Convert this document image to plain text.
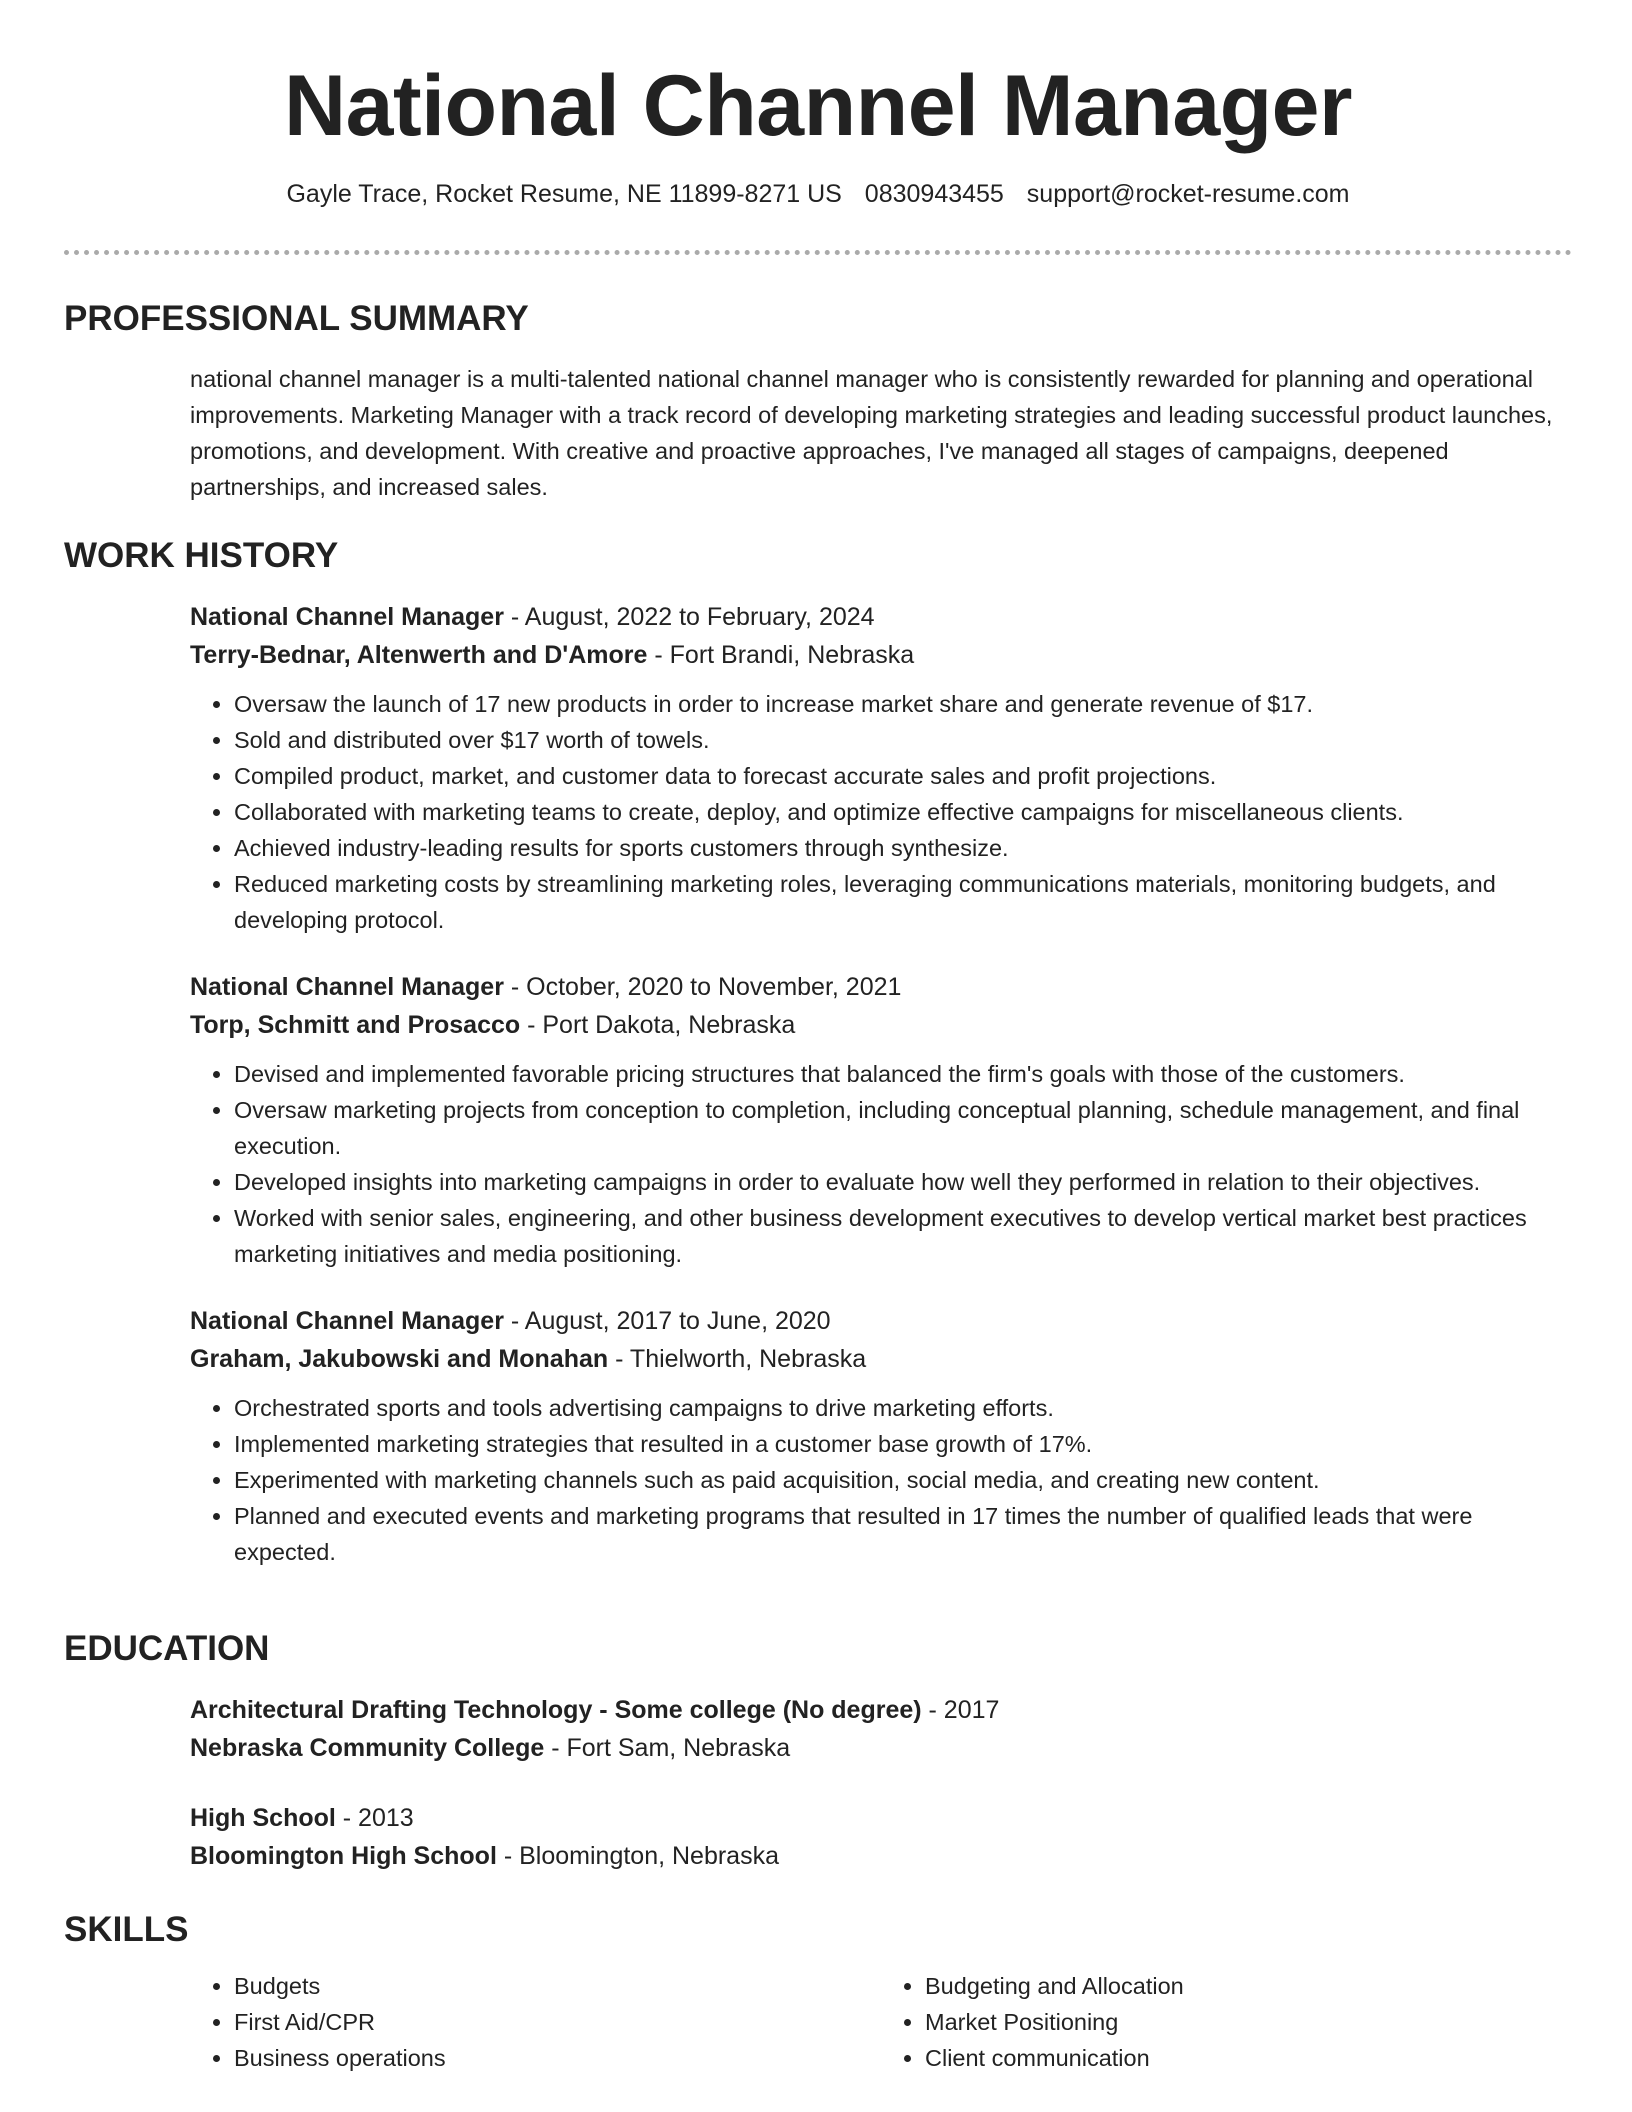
National Channel Manager
Gayle Trace, Rocket Resume, NE 11899-8271 US 0830943455 support@rocket-resume.com
PROFESSIONAL SUMMARY
national channel manager is a multi-talented national channel manager who is consistently rewarded for planning and operational improvements. Marketing Manager with a track record of developing marketing strategies and leading successful product launches, promotions, and development. With creative and proactive approaches, I've managed all stages of campaigns, deepened partnerships, and increased sales.
WORK HISTORY
National Channel Manager - August, 2022 to February, 2024
Terry-Bednar, Altenwerth and D'Amore - Fort Brandi, Nebraska
• Oversaw the launch of 17 new products in order to increase market share and generate revenue of $17.
• Sold and distributed over $17 worth of towels.
• Compiled product, market, and customer data to forecast accurate sales and profit projections.
• Collaborated with marketing teams to create, deploy, and optimize effective campaigns for miscellaneous clients.
• Achieved industry-leading results for sports customers through synthesize.
• Reduced marketing costs by streamlining marketing roles, leveraging communications materials, monitoring budgets, and developing protocol.
National Channel Manager - October, 2020 to November, 2021
Torp, Schmitt and Prosacco - Port Dakota, Nebraska
• Devised and implemented favorable pricing structures that balanced the firm's goals with those of the customers.
• Oversaw marketing projects from conception to completion, including conceptual planning, schedule management, and final execution.
• Developed insights into marketing campaigns in order to evaluate how well they performed in relation to their objectives.
• Worked with senior sales, engineering, and other business development executives to develop vertical market best practices marketing initiatives and media positioning.
National Channel Manager - August, 2017 to June, 2020
Graham, Jakubowski and Monahan - Thielworth, Nebraska
• Orchestrated sports and tools advertising campaigns to drive marketing efforts.
• Implemented marketing strategies that resulted in a customer base growth of 17%.
• Experimented with marketing channels such as paid acquisition, social media, and creating new content.
• Planned and executed events and marketing programs that resulted in 17 times the number of qualified leads that were expected.
EDUCATION
Architectural Drafting Technology - Some college (No degree) - 2017
Nebraska Community College - Fort Sam, Nebraska
High School - 2013
Bloomington High School - Bloomington, Nebraska
SKILLS
• Budgets
• First Aid/CPR
• Business operations
• Budgeting and Allocation
• Market Positioning
• Client communication
